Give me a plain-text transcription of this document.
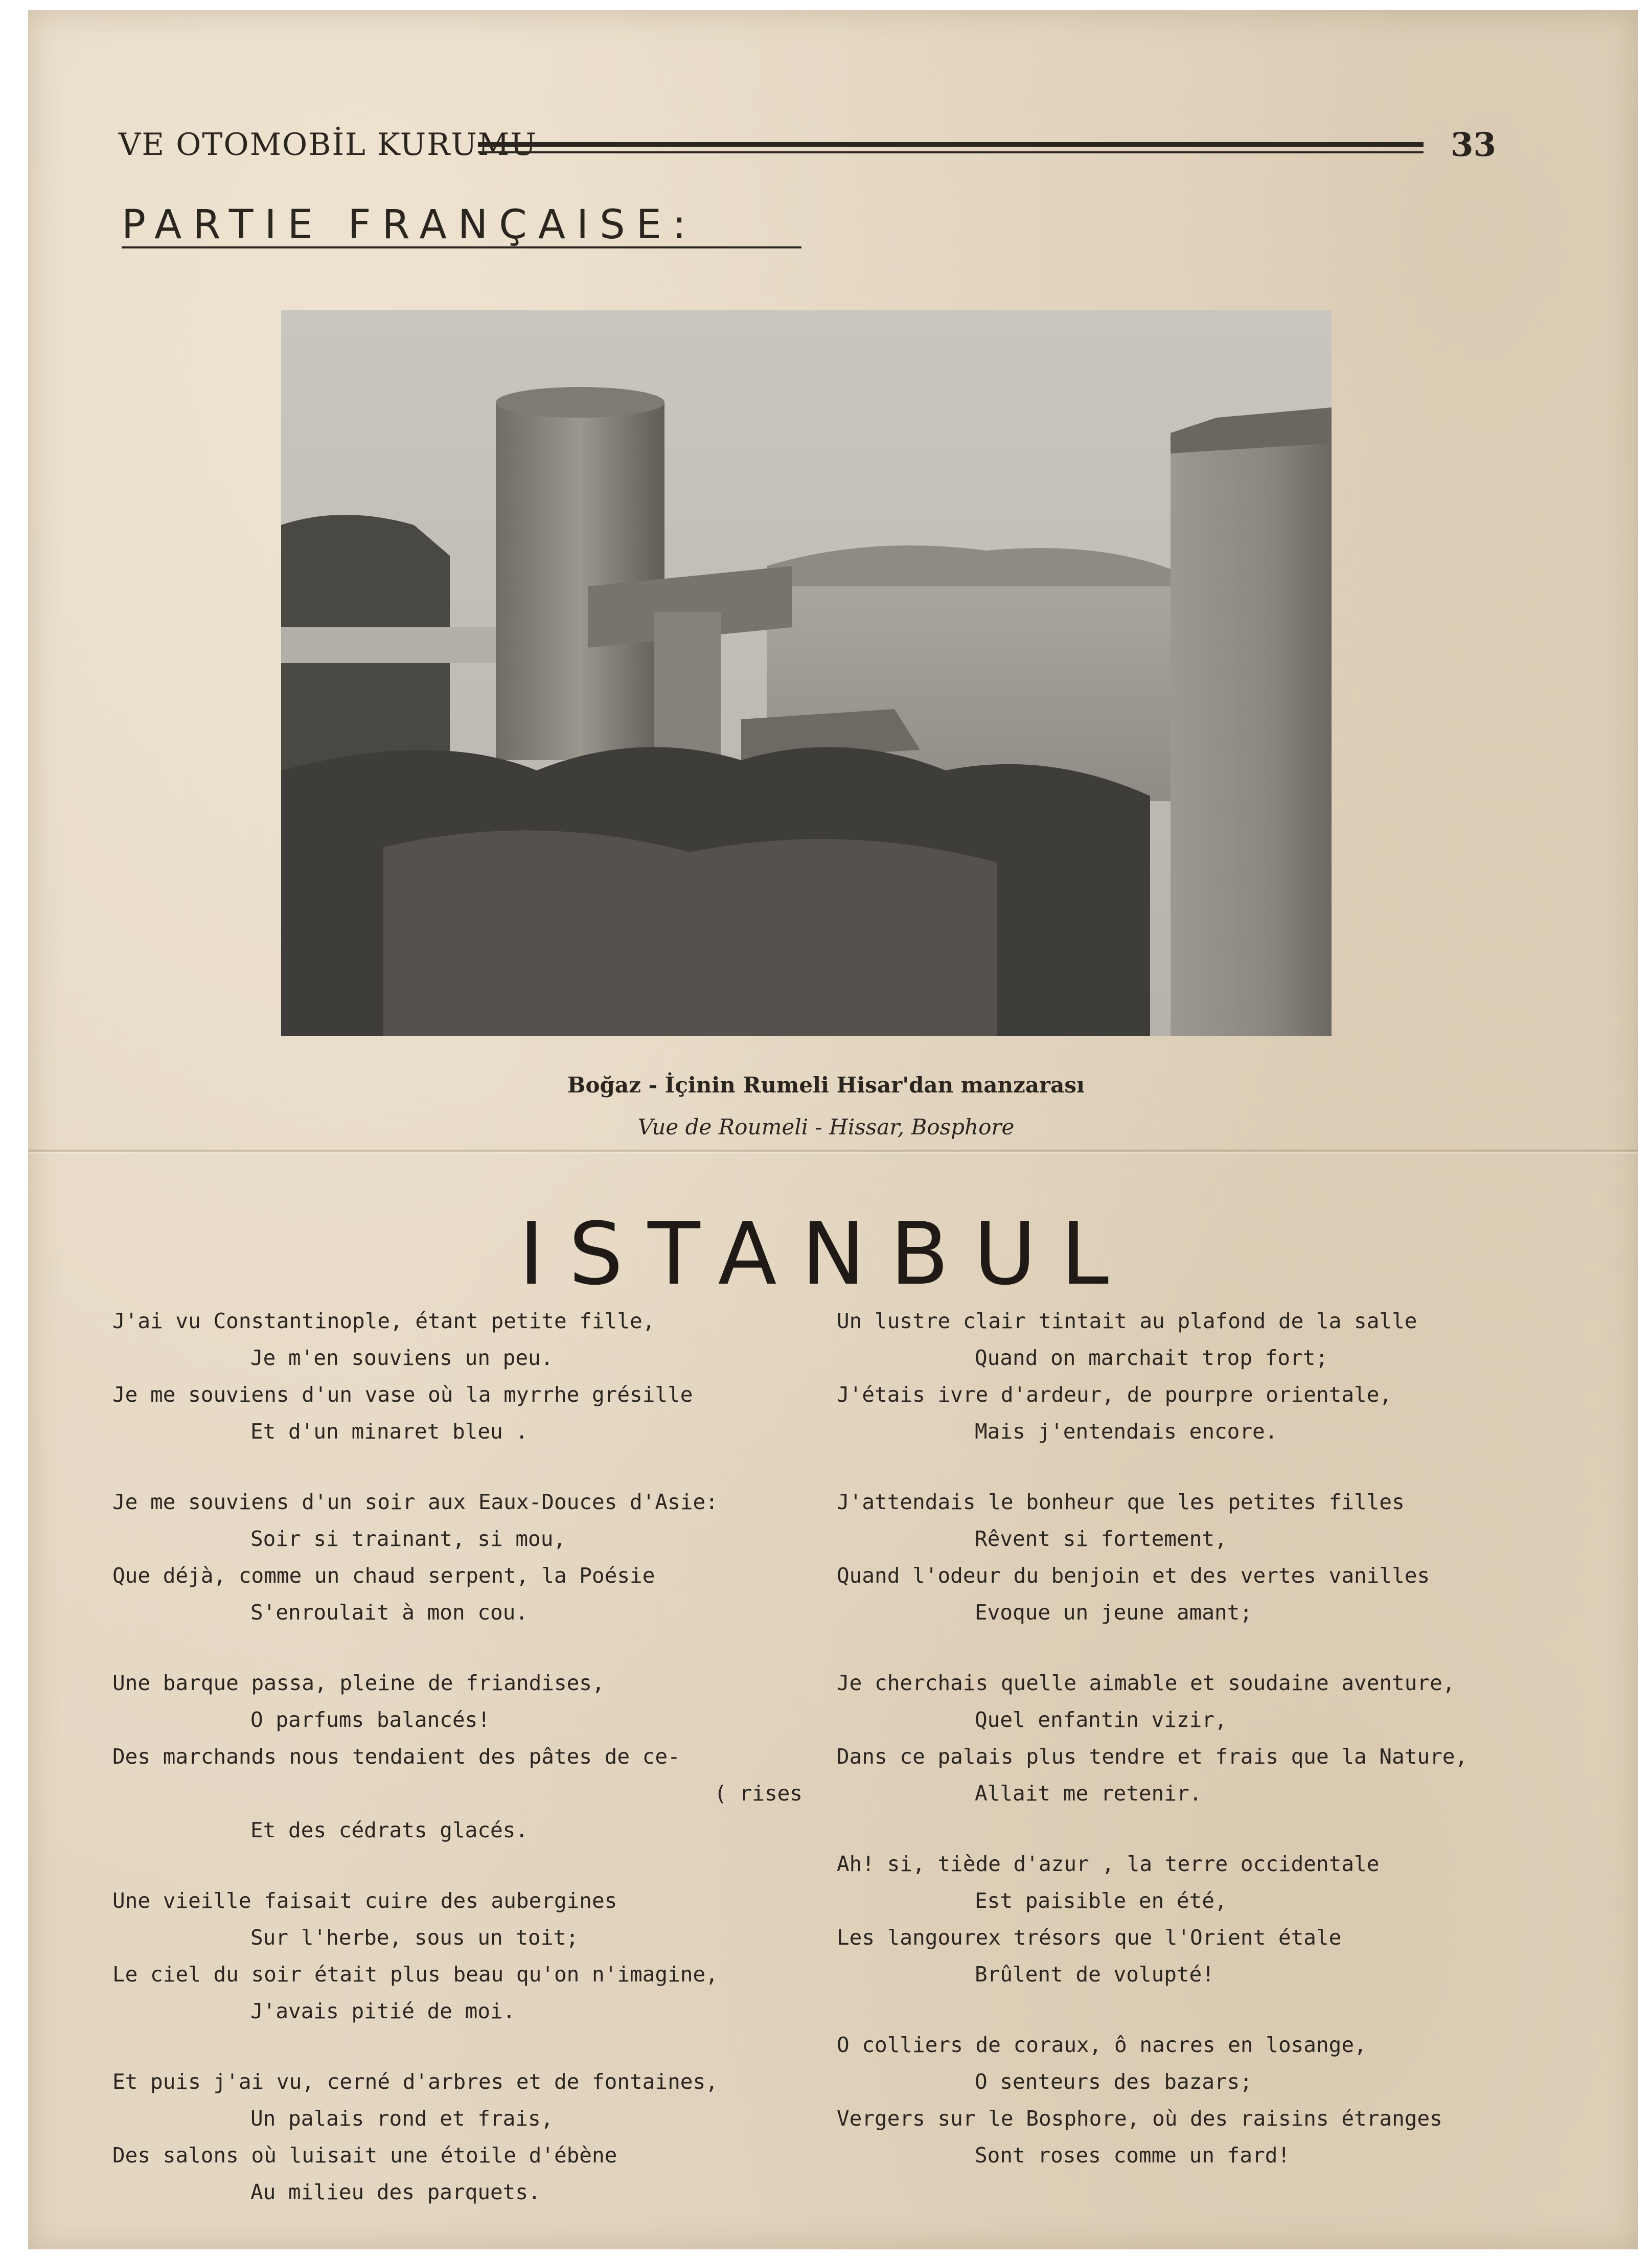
VE OTOMOBİL KURUMU	33
PARTIE FRANÇAISE:
Boğaz - İçinin Rumeli Hisar'dan manzarası
Vue de Roumeli - Hissar, Bosphore
ISTANBUL
J'ai vu Constantinople, étant petite fille,
Je m'en souviens un peu.
Je me souviens d'un vase où la myrrhe grésille
Et d'un minaret bleu .
Je me souviens d'un soir aux Eaux-Douces d'Asie:
Soir si trainant, si mou,
Que déjà, comme un chaud serpent, la Poésie
S'enroulait à mon cou.
Une barque passa, pleine de friandises,
O parfums balancés!
Des marchands nous tendaient des pâtes de ce-
( rises
Et des cédrats glacés.
Une vieille faisait cuire des aubergines
Sur l'herbe, sous un toit;
Le ciel du soir était plus beau qu'on n'imagine,
J'avais pitié de moi.
Et puis j'ai vu, cerné d'arbres et de fontaines,
Un palais rond et frais,
Des salons où luisait une étoile d'ébène
Au milieu des parquets.
Un lustre clair tintait au plafond de la salle
Quand on marchait trop fort;
J'étais ivre d'ardeur, de pourpre orientale,
Mais j'entendais encore.
J'attendais le bonheur que les petites filles
Rêvent si fortement,
Quand l'odeur du benjoin et des vertes vanilles
Evoque un jeune amant;
Je cherchais quelle aimable et soudaine aventure,
Quel enfantin vizir,
Dans ce palais plus tendre et frais que la Nature,
Allait me retenir.
Ah! si, tiède d'azur , la terre occidentale
Est paisible en été,
Les langourex trésors que l'Orient étale
Brûlent de volupté!
O colliers de coraux, ô nacres en losange,
O senteurs des bazars;
Vergers sur le Bosphore, où des raisins étranges
Sont roses comme un fard!
